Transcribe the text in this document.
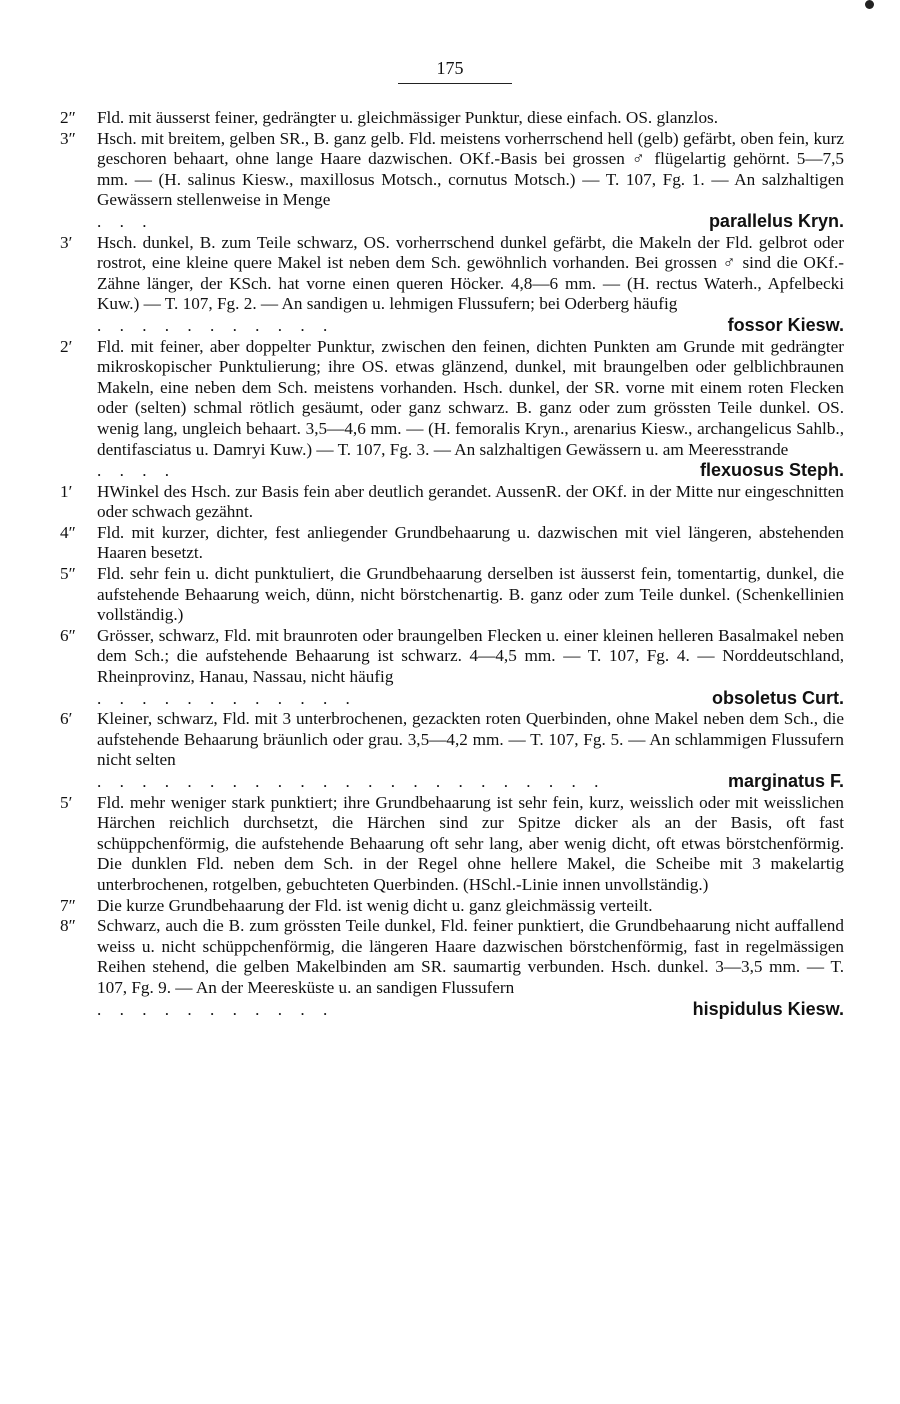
175

2″ Fld. mit äusserst feiner, gedrängter u. gleichmässiger Punktur, diese einfach. OS. glanzlos.

3″ Hsch. mit breitem, gelben SR., B. ganz gelb. Fld. meistens vorherrschend hell (gelb) gefärbt, oben fein, kurz geschoren behaart, ohne lange Haare dazwischen. OKf.-Basis bei grossen ♂ flügelartig gehörnt. 5—7,5 mm. — (H. salinus Kiesw., maxillosus Motsch., cornutus Motsch.) — T. 107, Fg. 1. — An salzhaltigen Gewässern stellenweise in Menge
. . .	parallelus Kryn.

3′ Hsch. dunkel, B. zum Teile schwarz, OS. vorherrschend dunkel gefärbt, die Makeln der Fld. gelbrot oder rostrot, eine kleine quere Makel ist neben dem Sch. gewöhnlich vorhanden. Bei grossen ♂ sind die OKf.-Zähne länger, der KSch. hat vorne einen queren Höcker. 4,8—6 mm. — (H. rectus Waterh., Apfelbecki Kuw.) — T. 107, Fg. 2. — An sandigen u. lehmigen Flussufern; bei Oderberg häufig
. . . . . . . . . . .	fossor Kiesw.

2′ Fld. mit feiner, aber doppelter Punktur, zwischen den feinen, dichten Punkten am Grunde mit gedrängter mikroskopischer Punktulierung; ihre OS. etwas glänzend, dunkel, mit braungelben oder gelblichbraunen Makeln, eine neben dem Sch. meistens vorhanden. Hsch. dunkel, der SR. vorne mit einem roten Flecken oder (selten) schmal rötlich gesäumt, oder ganz schwarz. B. ganz oder zum grössten Teile dunkel. OS. wenig lang, ungleich behaart. 3,5—4,6 mm. — (H. femoralis Kryn., arenarius Kiesw., archangelicus Sahlb., dentifasciatus u. Damryi Kuw.) — T. 107, Fg. 3. — An salzhaltigen Gewässern u. am Meeresstrande
. . . .	flexuosus Steph.

1′ HWinkel des Hsch. zur Basis fein aber deutlich gerandet. AussenR. der OKf. in der Mitte nur eingeschnitten oder schwach gezähnt.

4″ Fld. mit kurzer, dichter, fest anliegender Grundbehaarung u. dazwischen mit viel längeren, abstehenden Haaren besetzt.

5″ Fld. sehr fein u. dicht punktuliert, die Grundbehaarung derselben ist äusserst fein, tomentartig, dunkel, die aufstehende Behaarung weich, dünn, nicht börstchenartig. B. ganz oder zum Teile dunkel. (Schenkellinien vollständig.)

6″ Grösser, schwarz, Fld. mit braunroten oder braungelben Flecken u. einer kleinen helleren Basalmakel neben dem Sch.; die aufstehende Behaarung ist schwarz. 4—4,5 mm. — T. 107, Fg. 4. — Norddeutschland, Rheinprovinz, Hanau, Nassau, nicht häufig
. . . . . . . . . . . .	obsoletus Curt.

6′ Kleiner, schwarz, Fld. mit 3 unterbrochenen, gezackten roten Querbinden, ohne Makel neben dem Sch., die aufstehende Behaarung bräunlich oder grau. 3,5—4,2 mm. — T. 107, Fg. 5. — An schlammigen Flussufern nicht selten
. . . . . . . . . . . . . . . . . . . . . . .	marginatus F.

5′ Fld. mehr weniger stark punktiert; ihre Grundbehaarung ist sehr fein, kurz, weisslich oder mit weisslichen Härchen reichlich durchsetzt, die Härchen sind zur Spitze dicker als an der Basis, oft fast schüppchenförmig, die aufstehende Behaarung oft sehr lang, aber wenig dicht, oft etwas börstchenförmig. Die dunklen Fld. neben dem Sch. in der Regel ohne hellere Makel, die Scheibe mit 3 makelartig unterbrochenen, rotgelben, gebuchteten Querbinden. (HSchl.-Linie innen unvollständig.)

7″ Die kurze Grundbehaarung der Fld. ist wenig dicht u. ganz gleichmässig verteilt.

8″ Schwarz, auch die B. zum grössten Teile dunkel, Fld. feiner punktiert, die Grundbehaarung nicht auffallend weiss u. nicht schüppchenförmig, die längeren Haare dazwischen börstchenförmig, fast in regelmässigen Reihen stehend, die gelben Makelbinden am SR. saumartig verbunden. Hsch. dunkel. 3—3,5 mm. — T. 107, Fg. 9. — An der Meeresküste u. an sandigen Flussufern
. . . . . . . . . . .	hispidulus Kiesw.
